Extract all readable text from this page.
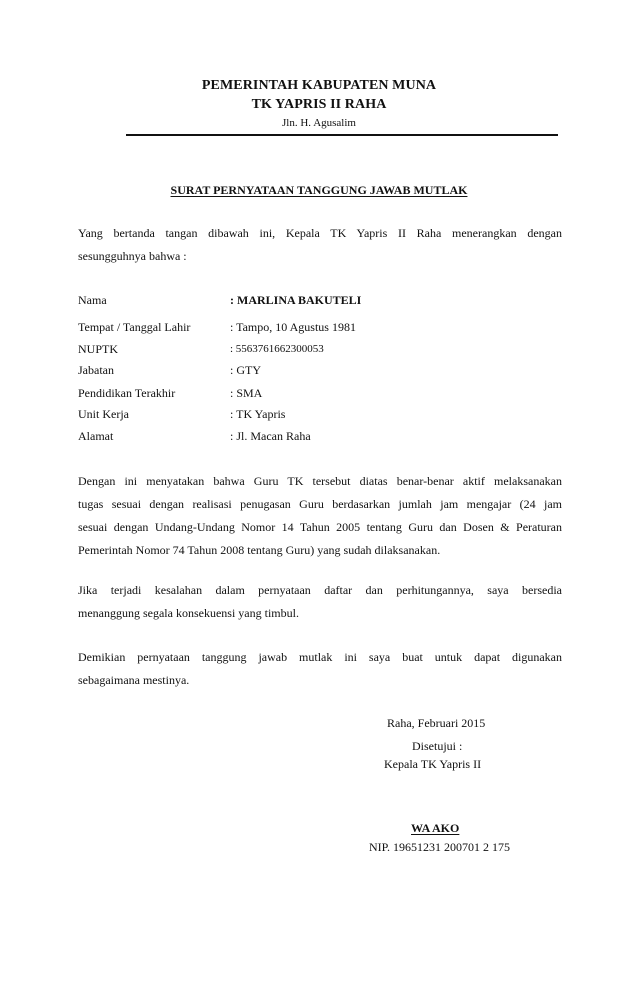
PEMERINTAH KABUPATEN MUNA
TK YAPRIS II RAHA
Jln. H. Agusalim
SURAT PERNYATAAN TANGGUNG JAWAB MUTLAK
Yang bertanda tangan dibawah ini, Kepala TK Yapris II Raha menerangkan dengan
sesungguhnya bahwa :
Nama	: MARLINA BAKUTELI
Tempat / Tanggal Lahir	: Tampo, 10 Agustus 1981
NUPTK	: 5563761662300053
Jabatan	: GTY
Pendidikan Terakhir	: SMA
Unit Kerja	: TK Yapris
Alamat	: Jl. Macan Raha
Dengan ini menyatakan bahwa Guru TK tersebut diatas benar-benar aktif melaksanakan
tugas sesuai dengan realisasi penugasan Guru berdasarkan jumlah jam mengajar (24 jam
sesuai dengan Undang-Undang Nomor 14 Tahun 2005 tentang Guru dan Dosen & Peraturan
Pemerintah Nomor 74 Tahun 2008 tentang Guru) yang sudah dilaksanakan.
Jika terjadi kesalahan dalam pernyataan daftar dan perhitungannya, saya bersedia
menanggung segala konsekuensi yang timbul.
Demikian pernyataan tanggung jawab mutlak ini saya buat untuk dapat digunakan
sebagaimana mestinya.
Raha, Februari 2015
Disetujui :
Kepala TK Yapris II
WA AKO
NIP. 19651231 200701 2 175
